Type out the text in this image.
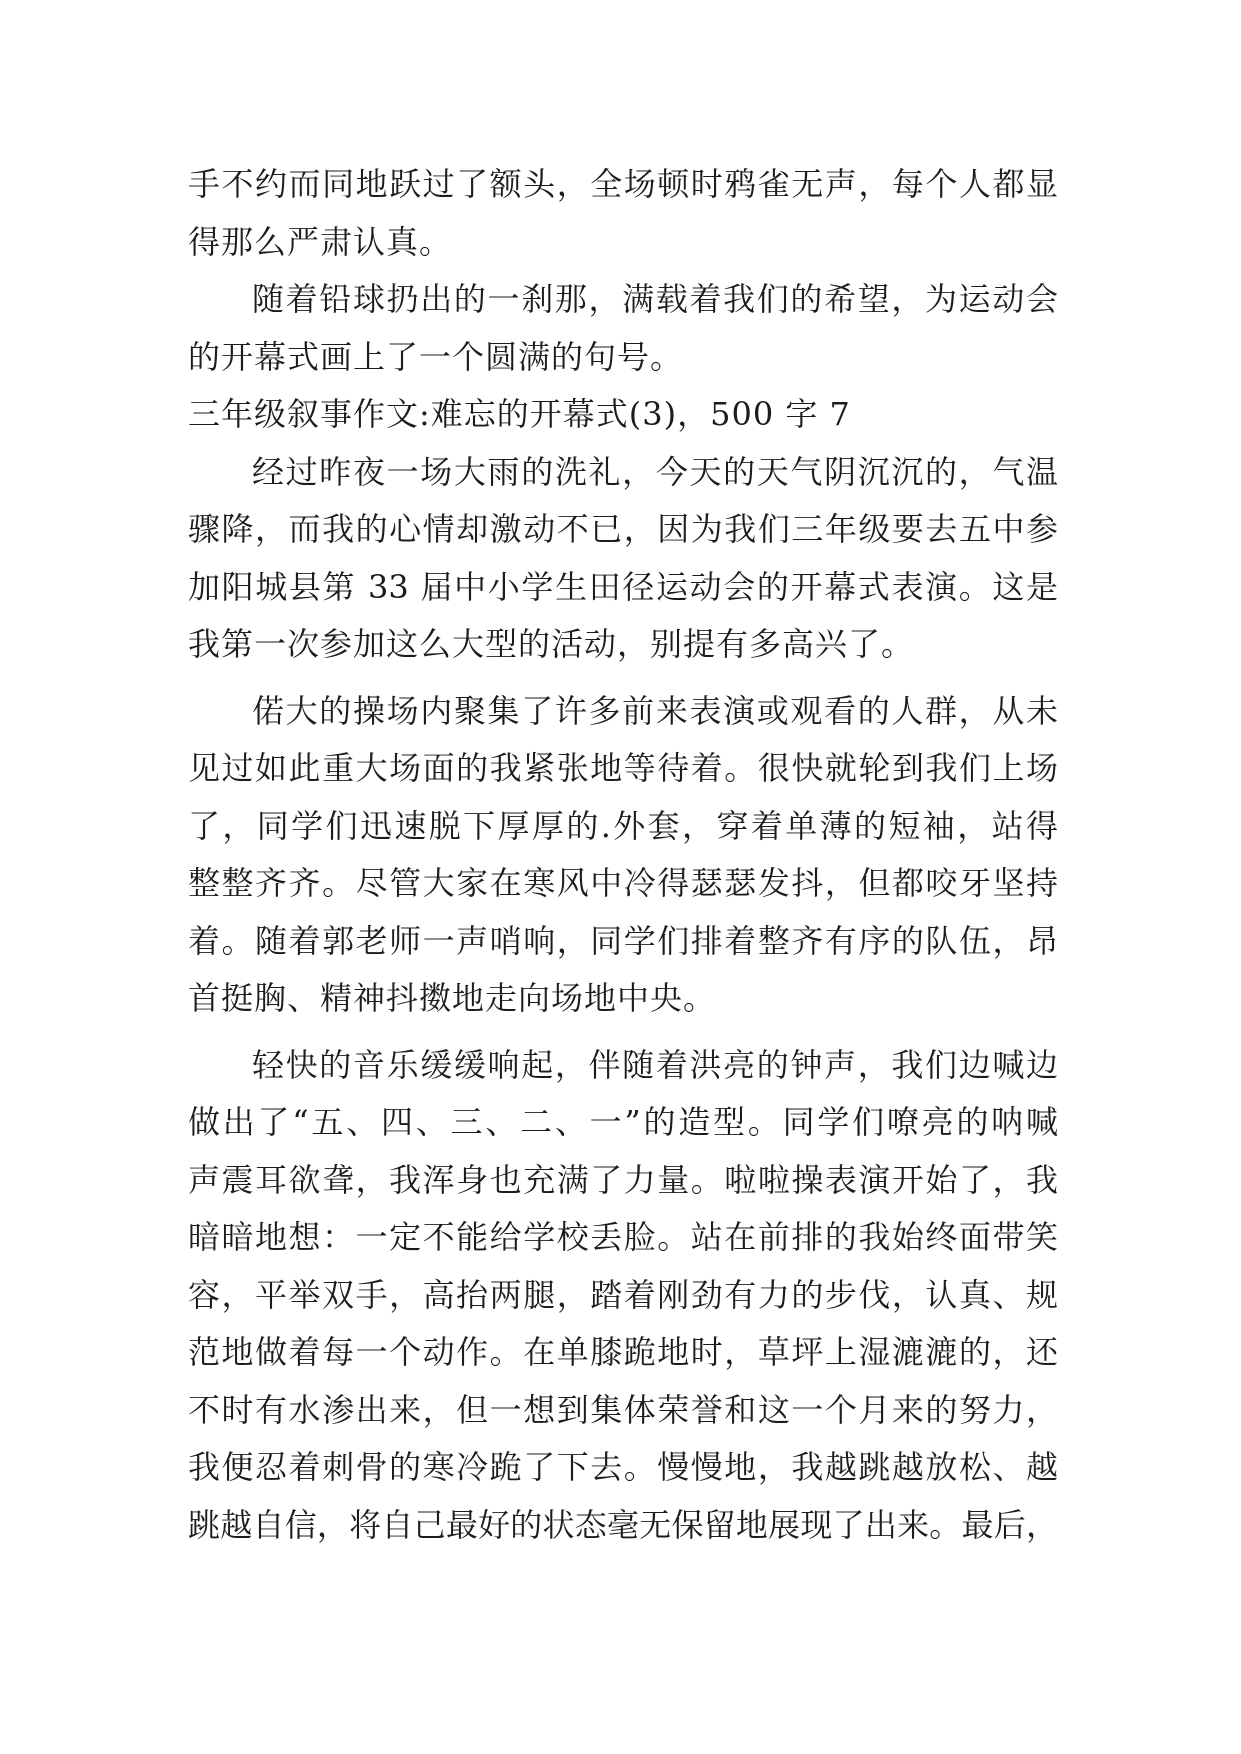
手不约而同地跃过了额头，全场顿时鸦雀无声，每个人都显
得那么严肃认真。
随着铅球扔出的一刹那，满载着我们的希望，为运动会
的开幕式画上了一个圆满的句号。
三年级叙事作文:难忘的开幕式(3)，500 字 7
经过昨夜一场大雨的洗礼，今天的天气阴沉沉的，气温
骤降，而我的心情却激动不已，因为我们三年级要去五中参
加阳城县第 33 届中小学生田径运动会的开幕式表演。这是
我第一次参加这么大型的活动，别提有多高兴了。
偌大的操场内聚集了许多前来表演或观看的人群，从未
见过如此重大场面的我紧张地等待着。很快就轮到我们上场
了，同学们迅速脱下厚厚的.外套，穿着单薄的短袖，站得
整整齐齐。尽管大家在寒风中冷得瑟瑟发抖，但都咬牙坚持
着。随着郭老师一声哨响，同学们排着整齐有序的队伍，昂
首挺胸、精神抖擞地走向场地中央。
轻快的音乐缓缓响起，伴随着洪亮的钟声，我们边喊边
做出了“五、四、三、二、一”的造型。同学们嘹亮的呐喊
声震耳欲聋，我浑身也充满了力量。啦啦操表演开始了，我
暗暗地想：一定不能给学校丢脸。站在前排的我始终面带笑
容，平举双手，高抬两腿，踏着刚劲有力的步伐，认真、规
范地做着每一个动作。在单膝跪地时，草坪上湿漉漉的，还
不时有水渗出来，但一想到集体荣誉和这一个月来的努力，
我便忍着刺骨的寒冷跪了下去。慢慢地，我越跳越放松、越
跳越自信，将自己最好的状态毫无保留地展现了出来。最后，
